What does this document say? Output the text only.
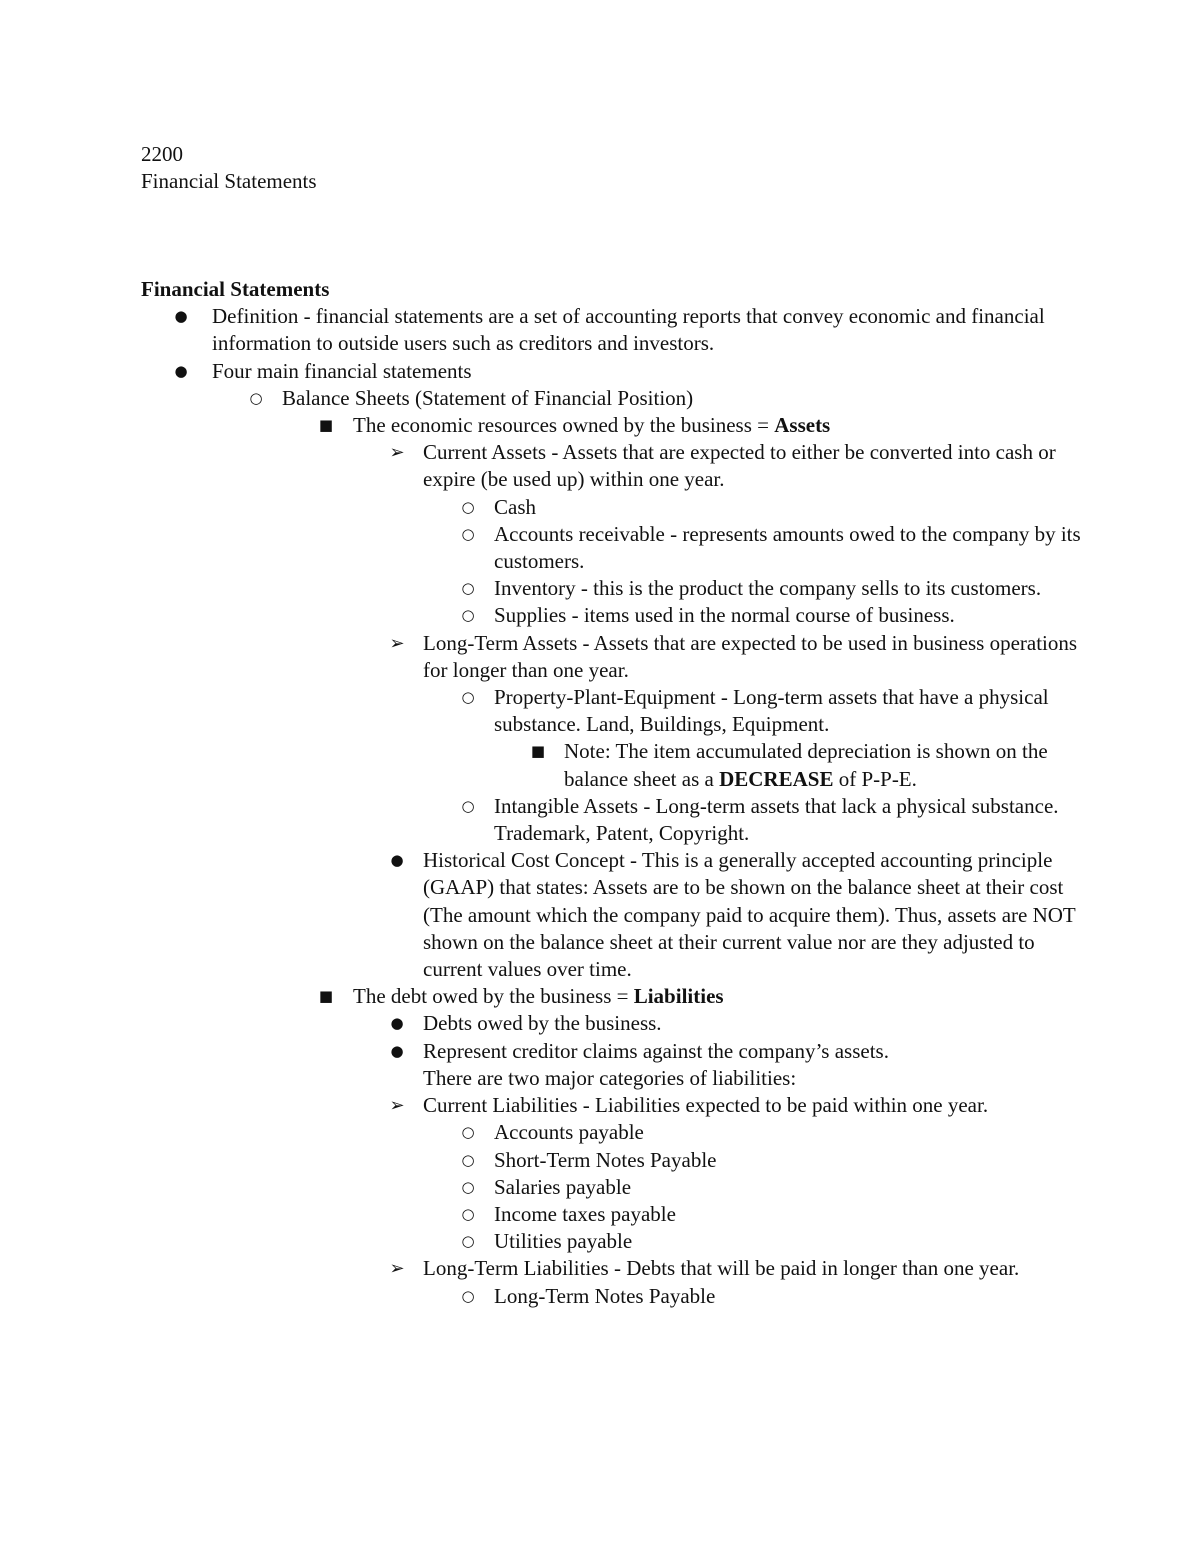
2200
Financial Statements
Financial Statements
● Definition - financial statements are a set of accounting reports that convey economic and financial information to outside users such as creditors and investors.
● Four main financial statements
○ Balance Sheets (Statement of Financial Position)
■ The economic resources owned by the business = Assets
➢ Current Assets - Assets that are expected to either be converted into cash or expire (be used up) within one year.
○ Cash
○ Accounts receivable - represents amounts owed to the company by its customers.
○ Inventory - this is the product the company sells to its customers.
○ Supplies - items used in the normal course of business.
➢ Long-Term Assets - Assets that are expected to be used in business operations for longer than one year.
○ Property-Plant-Equipment - Long-term assets that have a physical substance. Land, Buildings, Equipment.
■ Note: The item accumulated depreciation is shown on the balance sheet as a DECREASE of P-P-E.
○ Intangible Assets - Long-term assets that lack a physical substance. Trademark, Patent, Copyright.
● Historical Cost Concept - This is a generally accepted accounting principle (GAAP) that states: Assets are to be shown on the balance sheet at their cost (The amount which the company paid to acquire them). Thus, assets are NOT shown on the balance sheet at their current value nor are they adjusted to current values over time.
■ The debt owed by the business = Liabilities
● Debts owed by the business.
● Represent creditor claims against the company’s assets.
There are two major categories of liabilities:
➢ Current Liabilities - Liabilities expected to be paid within one year.
○ Accounts payable
○ Short-Term Notes Payable
○ Salaries payable
○ Income taxes payable
○ Utilities payable
➢ Long-Term Liabilities - Debts that will be paid in longer than one year.
○ Long-Term Notes Payable
